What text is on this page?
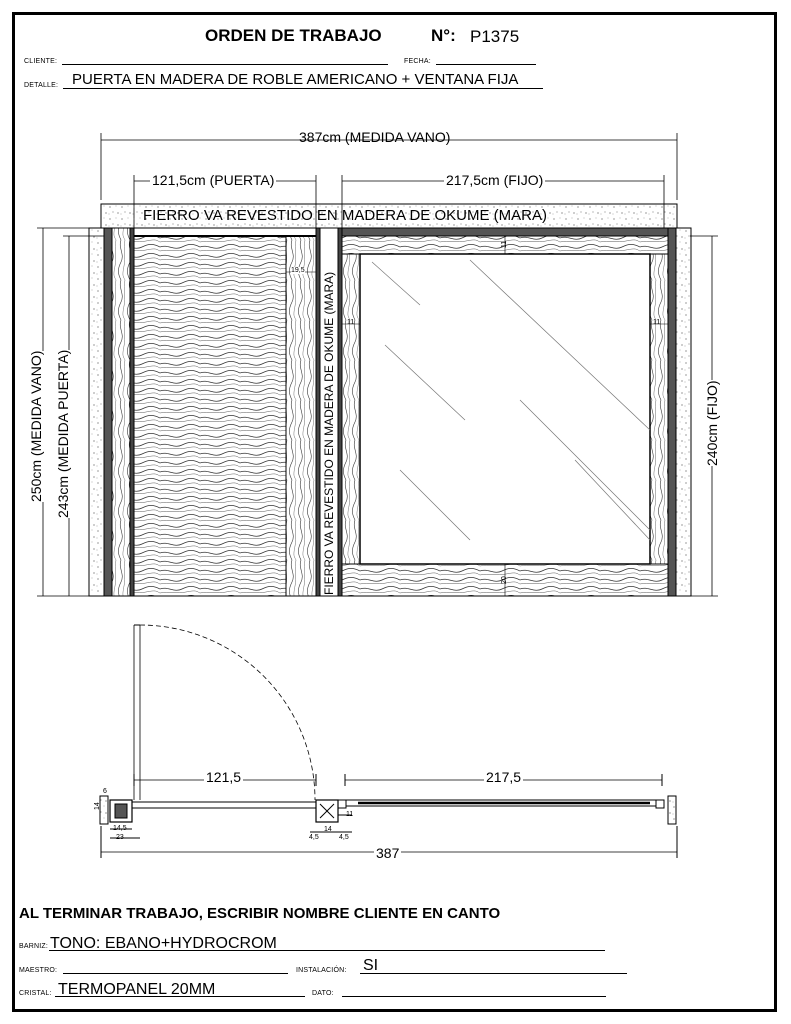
ORDEN DE TRABAJO	N°: P1375
CLIENTE:	FECHA:
DETALLE: PUERTA EN MADERA DE ROBLE AMERICANO + VENTANA FIJA
387cm (MEDIDA VANO)
121,5cm (PUERTA)	217,5cm (FIJO)
FIERRO VA REVESTIDO EN MADERA DE OKUME (MARA)
FIERRO VA REVESTIDO EN MADERA DE OKUME (MARA)
250cm (MEDIDA VANO) 243cm (MEDIDA PUERTA)	240cm (FIJO)
19,5
11
11	11
20
121,5	217,5
387
6
14
14,5
23
11
4,5
14
4,5
AL TERMINAR TRABAJO, ESCRIBIR NOMBRE CLIENTE EN CANTO
BARNIZ: TONO: EBANO+HYDROCROM
MAESTRO:	INSTALACIÓN: SI
CRISTAL: TERMOPANEL 20MM	DATO:
